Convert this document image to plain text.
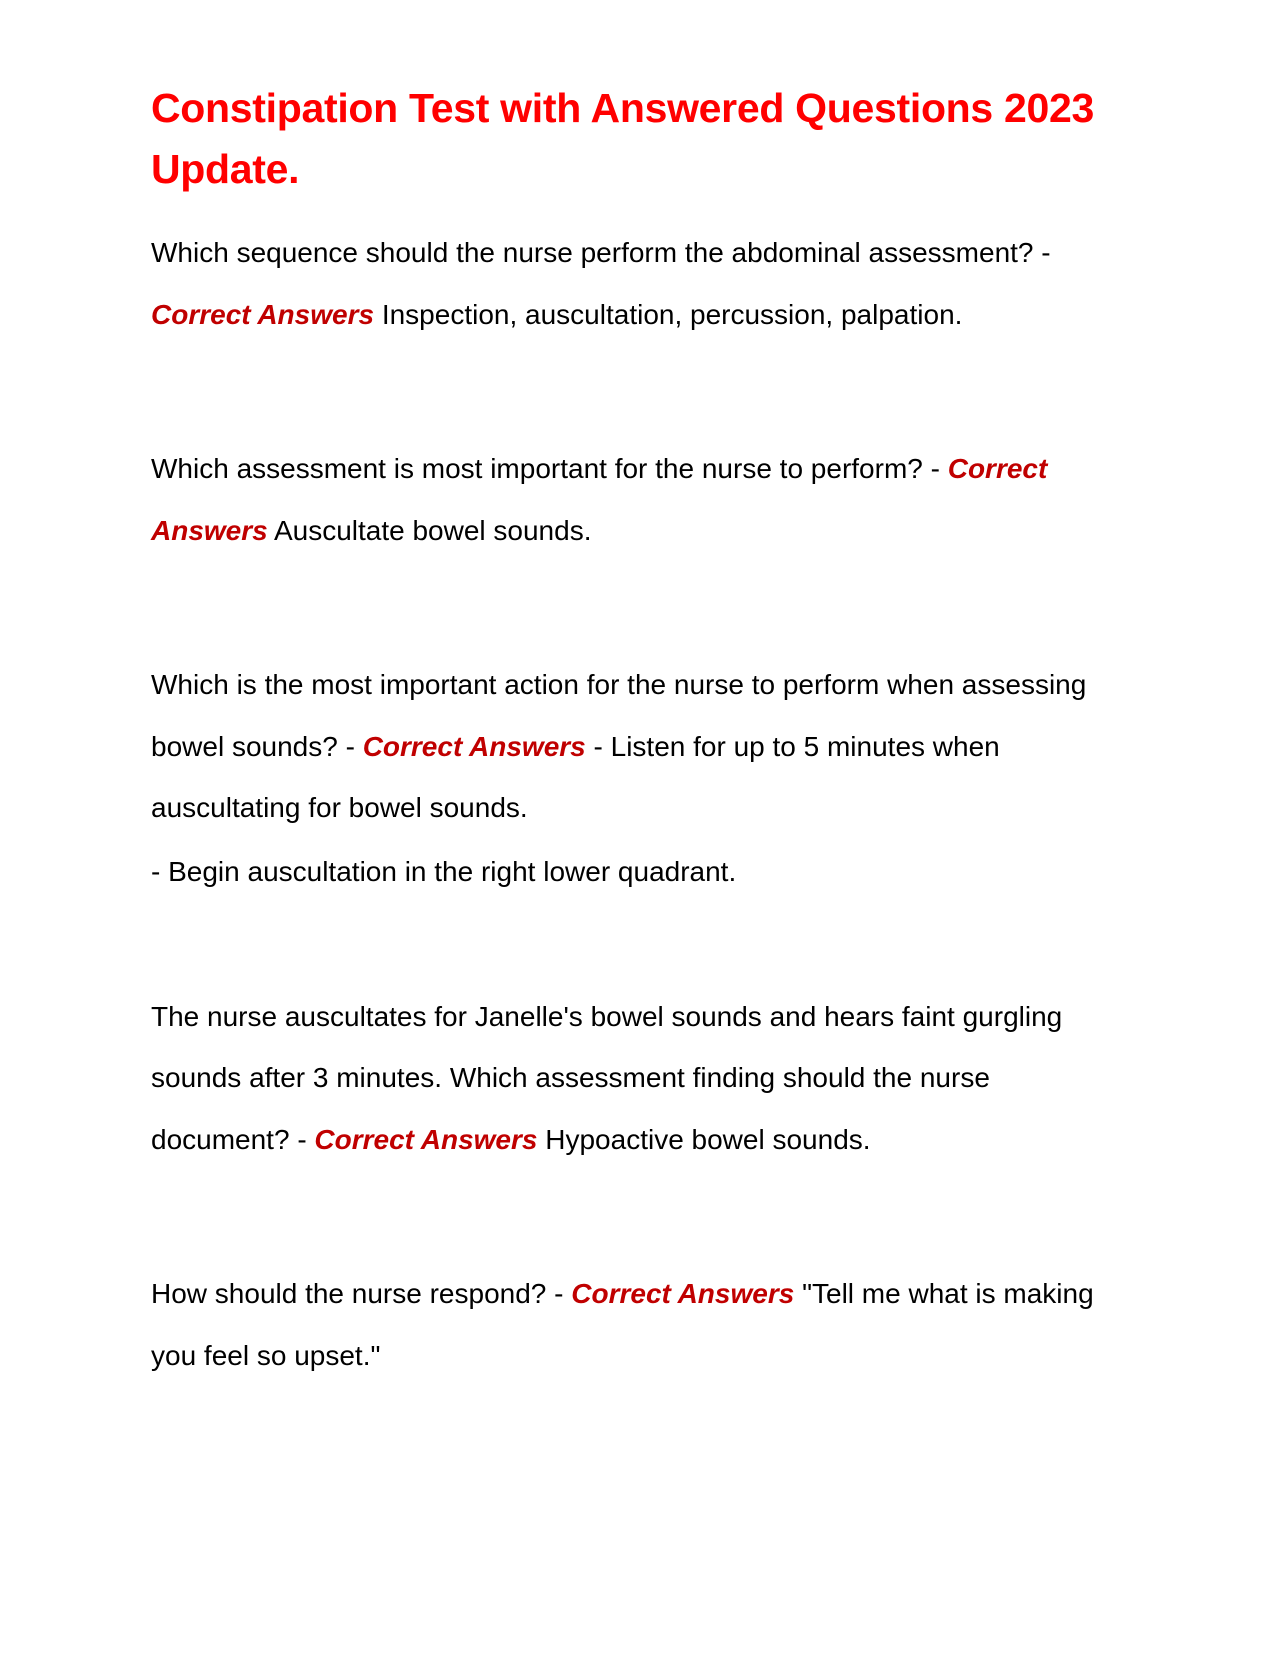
Constipation Test with Answered Questions 2023 Update.
Which sequence should the nurse perform the abdominal assessment? - Correct Answers Inspection, auscultation, percussion, palpation.
Which assessment is most important for the nurse to perform? - Correct Answers Auscultate bowel sounds.
Which is the most important action for the nurse to perform when assessing bowel sounds? - Correct Answers - Listen for up to 5 minutes when auscultating for bowel sounds.

- Begin auscultation in the right lower quadrant.

The nurse auscultates for Janelle's bowel sounds and hears faint gurgling sounds after 3 minutes. Which assessment finding should the nurse document? - Correct Answers Hypoactive bowel sounds.
How should the nurse respond? - Correct Answers "Tell me what is making you feel so upset."
